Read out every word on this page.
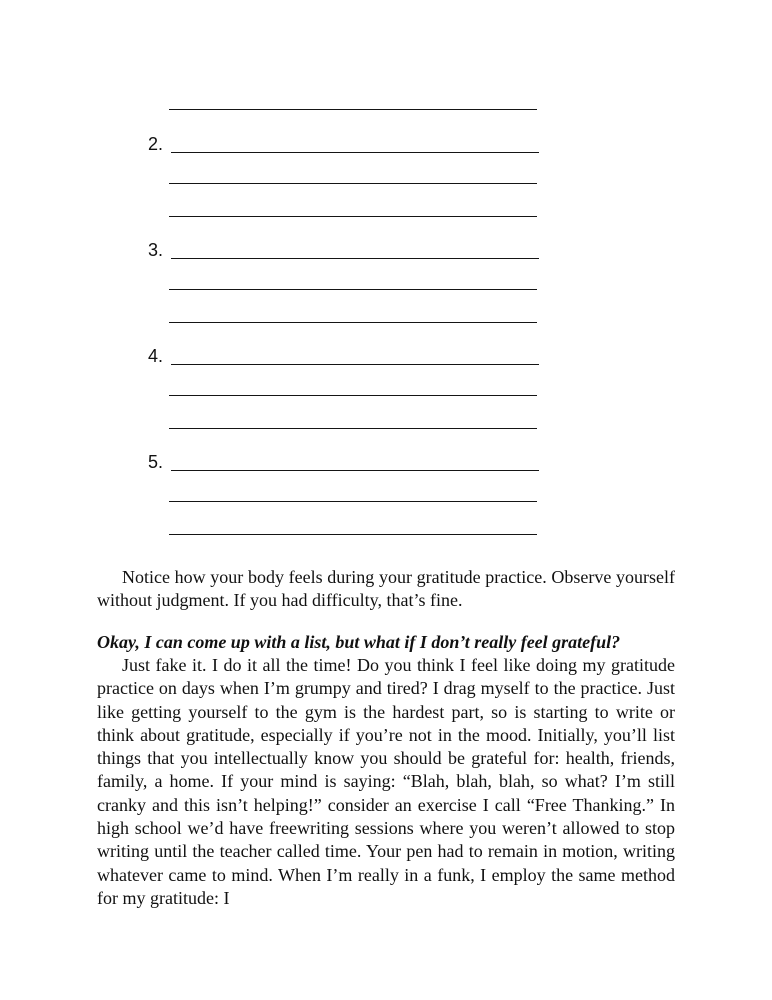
2.
3.
4.
5.

Notice how your body feels during your gratitude practice. Observe yourself without judgment. If you had difficulty, that’s fine.

Okay, I can come up with a list, but what if I don’t really feel grateful?

Just fake it. I do it all the time! Do you think I feel like doing my gratitude practice on days when I’m grumpy and tired? I drag myself to the practice. Just like getting yourself to the gym is the hardest part, so is starting to write or think about gratitude, especially if you’re not in the mood. Initially, you’ll list things that you intellectually know you should be grateful for: health, friends, family, a home. If your mind is saying: “Blah, blah, blah, so what? I’m still cranky and this isn’t helping!” consider an exercise I call “Free Thanking.” In high school we’d have freewriting sessions where you weren’t allowed to stop writing until the teacher called time. Your pen had to remain in motion, writing whatever came to mind. When I’m really in a funk, I employ the same method for my gratitude: I
